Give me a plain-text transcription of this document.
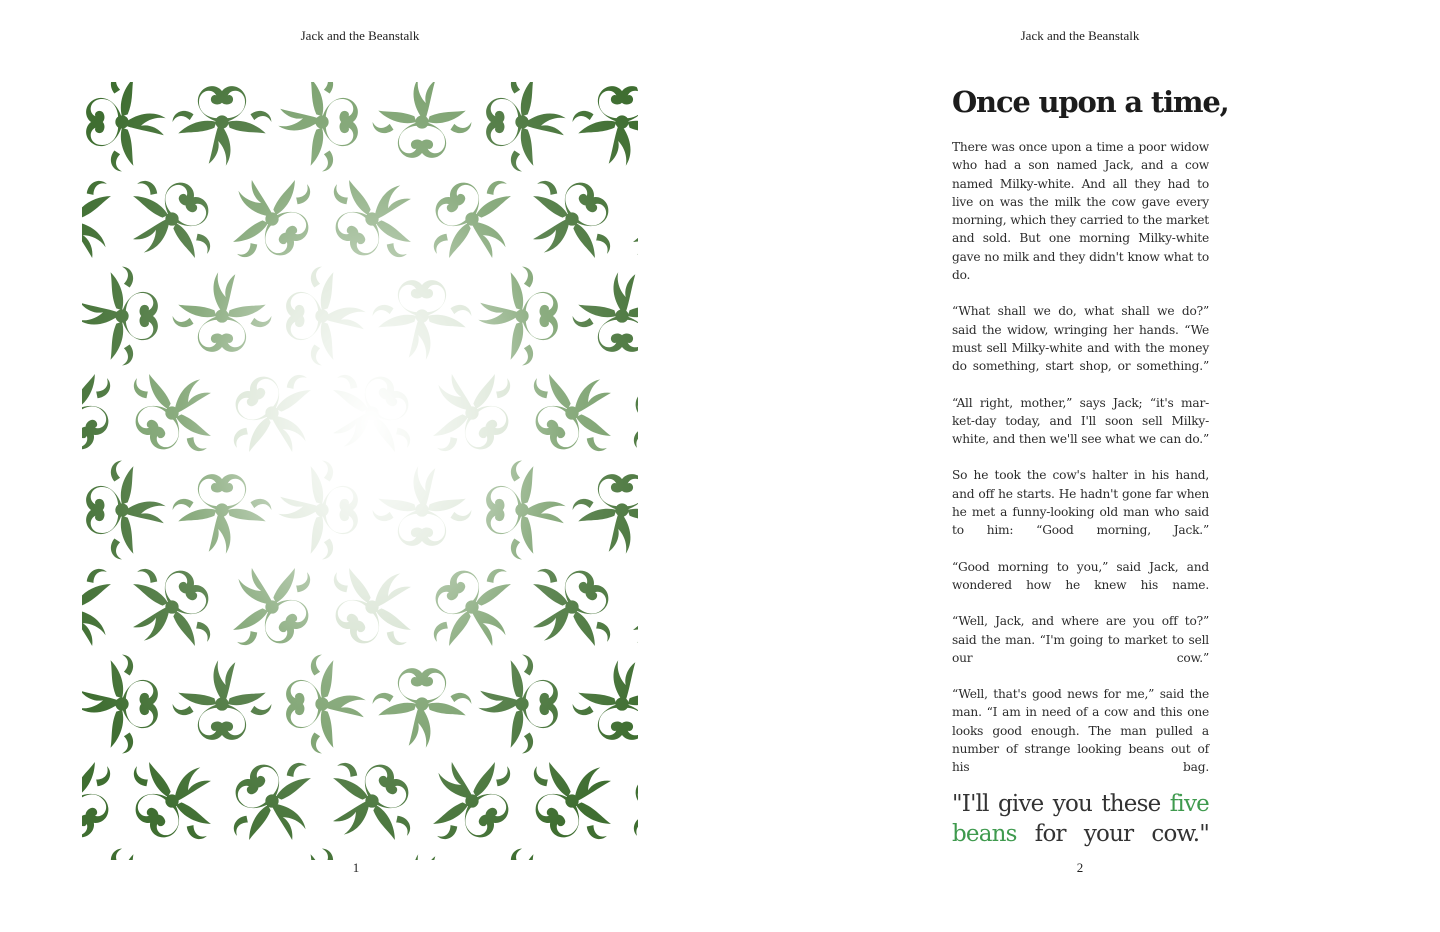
Jack and the Beanstalk
1
Jack and the Beanstalk
Once upon a time,

There was once upon a time a poor widow who had a son named Jack, and a cow named Milky-white. And all they had to live on was the milk the cow gave every morning, which they carried to the market and sold. But one morning Milky-white gave no milk and they didn't know what to do.

“What shall we do, what shall we do?” said the widow, wringing her hands. “We must sell Milky-white and with the money do something, start shop, or something.”

“All right, mother,” says Jack; “it's mar-ket-day today, and I'll soon sell Milky-white, and then we'll see what we can do.”

So he took the cow's halter in his hand, and off he starts. He hadn't gone far when he met a funny-looking old man who said to him: “Good morning, Jack.”

“Good morning to you,” said Jack, and wondered how he knew his name.

“Well, Jack, and where are you off to?” said the man. “I'm going to market to sell our cow.”

“Well, that's good news for me,” said the man. “I am in need of a cow and this one looks good enough. The man pulled a number of strange looking beans out of his bag.

"I'll give you these five beans for your cow."
2
